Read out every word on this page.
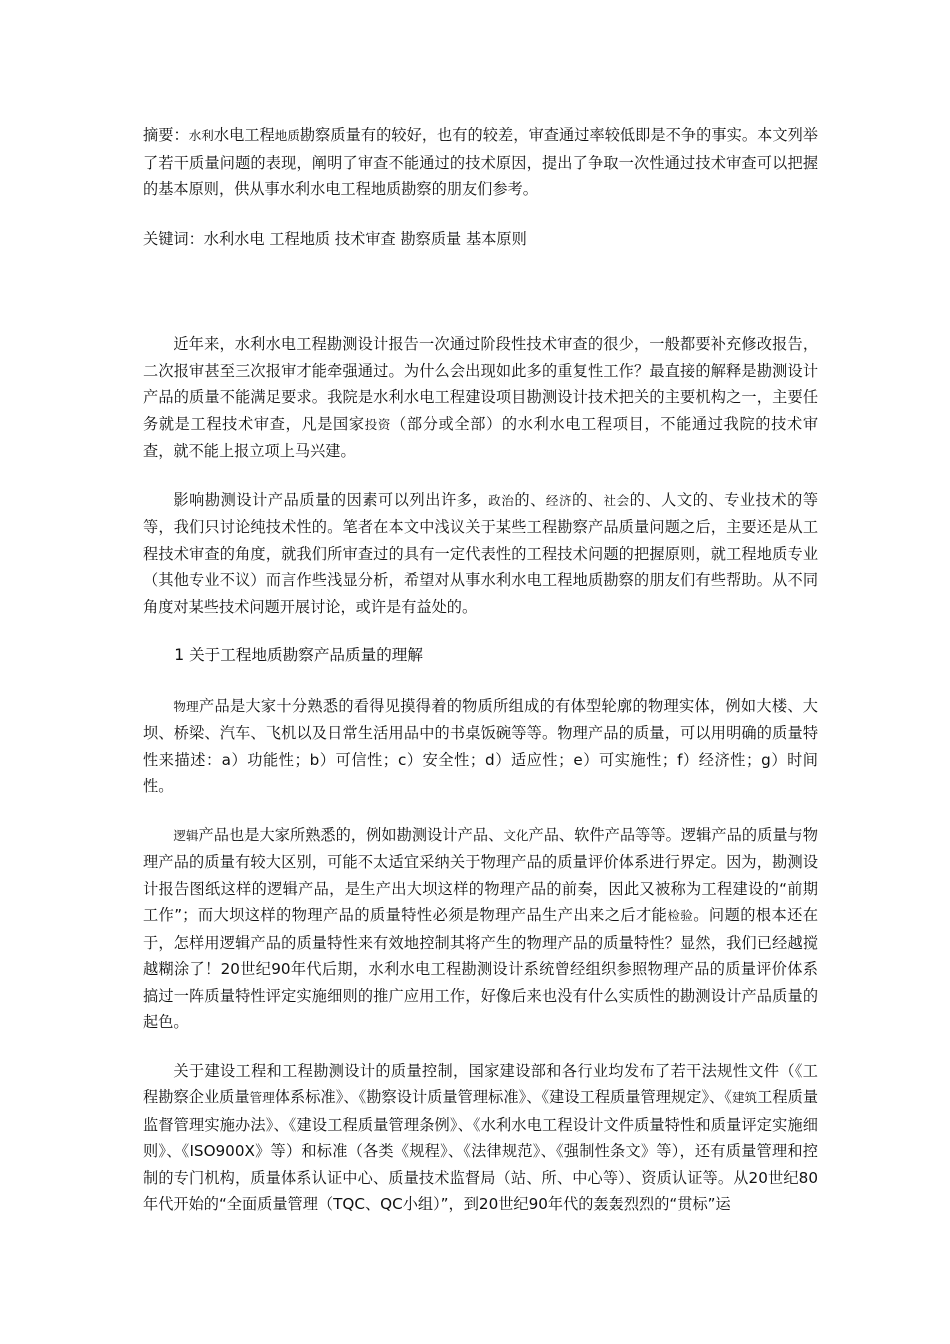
摘要：水利水电工程地质勘察质量有的较好，也有的较差，审查通过率较低即是不争的事实。本文列举了若干质量问题的表现，阐明了审查不能通过的技术原因，提出了争取一次性通过技术审查可以把握的基本原则，供从事水利水电工程地质勘察的朋友们参考。

关键词：水利水电 工程地质 技术审查 勘察质量 基本原则

近年来，水利水电工程勘测设计报告一次通过阶段性技术审查的很少，一般都要补充修改报告，二次报审甚至三次报审才能牵强通过。为什么会出现如此多的重复性工作？最直接的解释是勘测设计产品的质量不能满足要求。我院是水利水电工程建设项目勘测设计技术把关的主要机构之一，主要任务就是工程技术审查，凡是国家投资（部分或全部）的水利水电工程项目，不能通过我院的技术审查，就不能上报立项上马兴建。

影响勘测设计产品质量的因素可以列出许多，政治的、经济的、社会的、人文的、专业技术的等等，我们只讨论纯技术性的。笔者在本文中浅议关于某些工程勘察产品质量问题之后，主要还是从工程技术审查的角度，就我们所审查过的具有一定代表性的工程技术问题的把握原则，就工程地质专业（其他专业不议）而言作些浅显分析，希望对从事水利水电工程地质勘察的朋友们有些帮助。从不同角度对某些技术问题开展讨论，或许是有益处的。

1 关于工程地质勘察产品质量的理解

物理产品是大家十分熟悉的看得见摸得着的物质所组成的有体型轮廓的物理实体，例如大楼、大坝、桥梁、汽车、飞机以及日常生活用品中的书桌饭碗等等。物理产品的质量，可以用明确的质量特性来描述：a）功能性；b）可信性；c）安全性；d）适应性；e）可实施性；f）经济性；g）时间性。

逻辑产品也是大家所熟悉的，例如勘测设计产品、文化产品、软件产品等等。逻辑产品的质量与物理产品的质量有较大区别，可能不太适宜采纳关于物理产品的质量评价体系进行界定。因为，勘测设计报告图纸这样的逻辑产品，是生产出大坝这样的物理产品的前奏，因此又被称为工程建设的“前期工作”；而大坝这样的物理产品的质量特性必须是物理产品生产出来之后才能检验。问题的根本还在于，怎样用逻辑产品的质量特性来有效地控制其将产生的物理产品的质量特性？显然，我们已经越搅越糊涂了！20世纪90年代后期，水利水电工程勘测设计系统曾经组织参照物理产品的质量评价体系搞过一阵质量特性评定实施细则的推广应用工作，好像后来也没有什么实质性的勘测设计产品质量的起色。

关于建设工程和工程勘测设计的质量控制，国家建设部和各行业均发布了若干法规性文件（《工程勘察企业质量管理体系标准》、《勘察设计质量管理标准》、《建设工程质量管理规定》、《建筑工程质量监督管理实施办法》、《建设工程质量管理条例》、《水利水电工程设计文件质量特性和质量评定实施细则》、《ISO900X》等）和标准（各类《规程》、《法律规范》、《强制性条文》等），还有质量管理和控制的专门机构，质量体系认证中心、质量技术监督局（站、所、中心等）、资质认证等。从20世纪80年代开始的“全面质量管理（TQC、QC小组）”，到20世纪90年代的轰轰烈烈的“贯标”运
